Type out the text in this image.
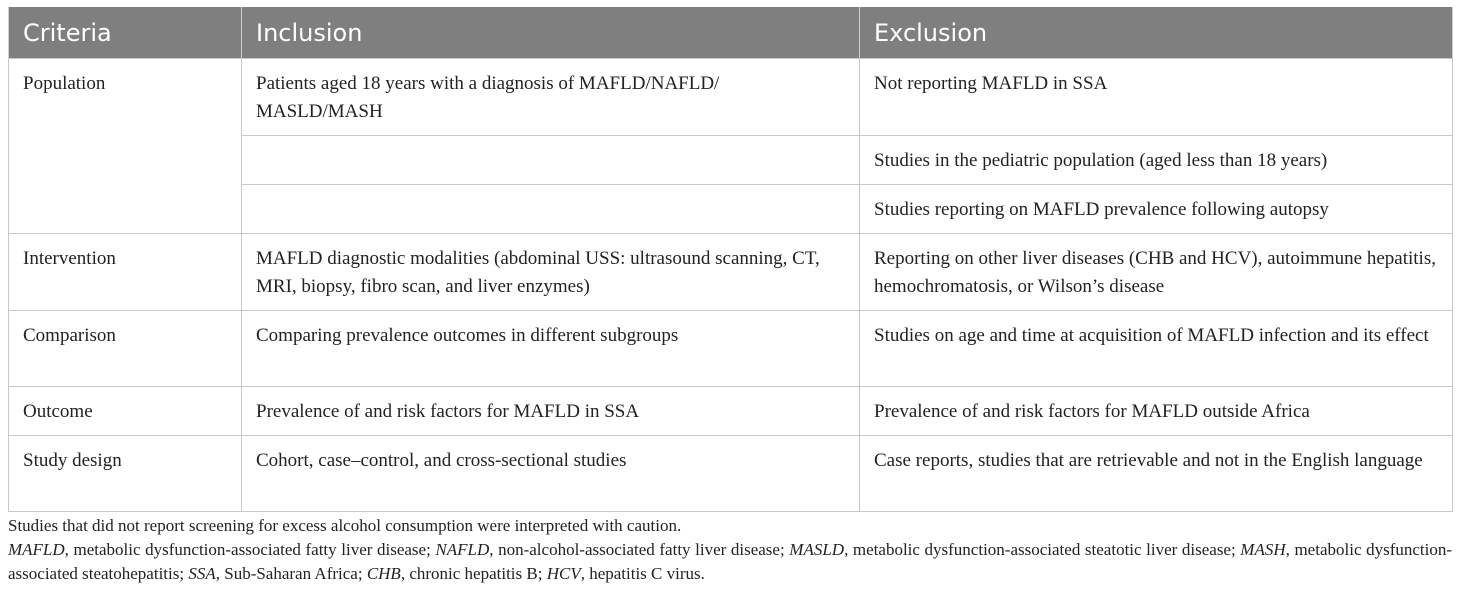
Criteria	Inclusion	Exclusion
Population	Patients aged 18 years with a diagnosis of MAFLD/NAFLD/ MASLD/MASH	Not reporting MAFLD in SSA
		Studies in the pediatric population (aged less than 18 years)
		Studies reporting on MAFLD prevalence following autopsy
Intervention	MAFLD diagnostic modalities (abdominal USS: ultrasound scanning, CT, MRI, biopsy, fibro scan, and liver enzymes)	Reporting on other liver diseases (CHB and HCV), autoimmune hepatitis, hemochromatosis, or Wilson’s disease
Comparison	Comparing prevalence outcomes in different subgroups	Studies on age and time at acquisition of MAFLD infection and its effect
Outcome	Prevalence of and risk factors for MAFLD in SSA	Prevalence of and risk factors for MAFLD outside Africa
Study design	Cohort, case–control, and cross-sectional studies	Case reports, studies that are retrievable and not in the English language
Studies that did not report screening for excess alcohol consumption were interpreted with caution.
MAFLD, metabolic dysfunction-associated fatty liver disease; NAFLD, non-alcohol-associated fatty liver disease; MASLD, metabolic dysfunction-associated steatotic liver disease; MASH, metabolic dysfunction-associated steatohepatitis; SSA, Sub-Saharan Africa; CHB, chronic hepatitis B; HCV, hepatitis C virus.
